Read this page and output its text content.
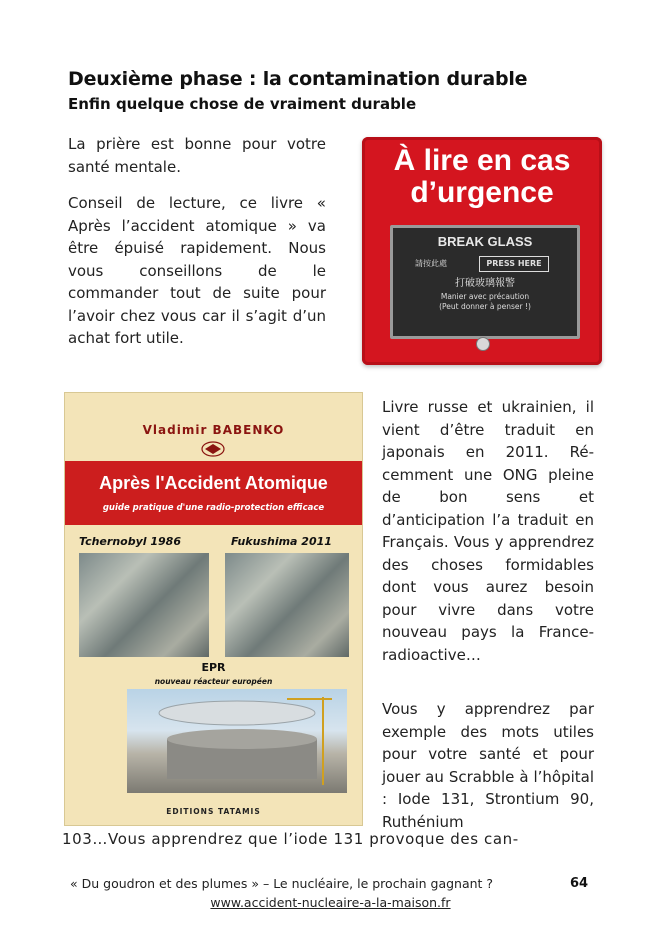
Deuxième phase : la contamination durable
Enfin quelque chose de vraiment durable
La prière est bonne pour votre santé mentale.
Conseil de lecture, ce livre « Après l’accident atomique » va être épuisé rapidement. Nous vous conseillons de le commander tout de suite pour l’avoir chez vous car il s’agit d’un achat fort utile.
À lire en cas
d’urgence
BREAK GLASS
請按此處	PRESS HERE
打破玻璃報警
Manier avec précaution
(Peut donner à penser !)
Vladimir BABENKO
Après l'Accident Atomique
guide pratique d'une radio-protection efficace
Tchernobyl 1986	Fukushima 2011
EPR
nouveau réacteur européen
EDITIONS TATAMIS
Livre russe et ukrainien, il vient d’être traduit en japonais en 2011. Récemment une ONG pleine de bon sens et d’anticipation l’a traduit en Français. Vous y apprendrez des choses formidables dont vous aurez besoin pour vivre dans votre nouveau pays la France-radioactive…
Vous y apprendrez par exemple des mots utiles pour votre santé et pour jouer au Scrabble à l’hôpital : Iode 131, Strontium 90, Ruthénium
103…Vous apprendrez que l’iode 131 provoque des can-
« Du goudron et des plumes » – Le nucléaire, le prochain gagnant ?	64
www.accident-nucleaire-a-la-maison.fr
